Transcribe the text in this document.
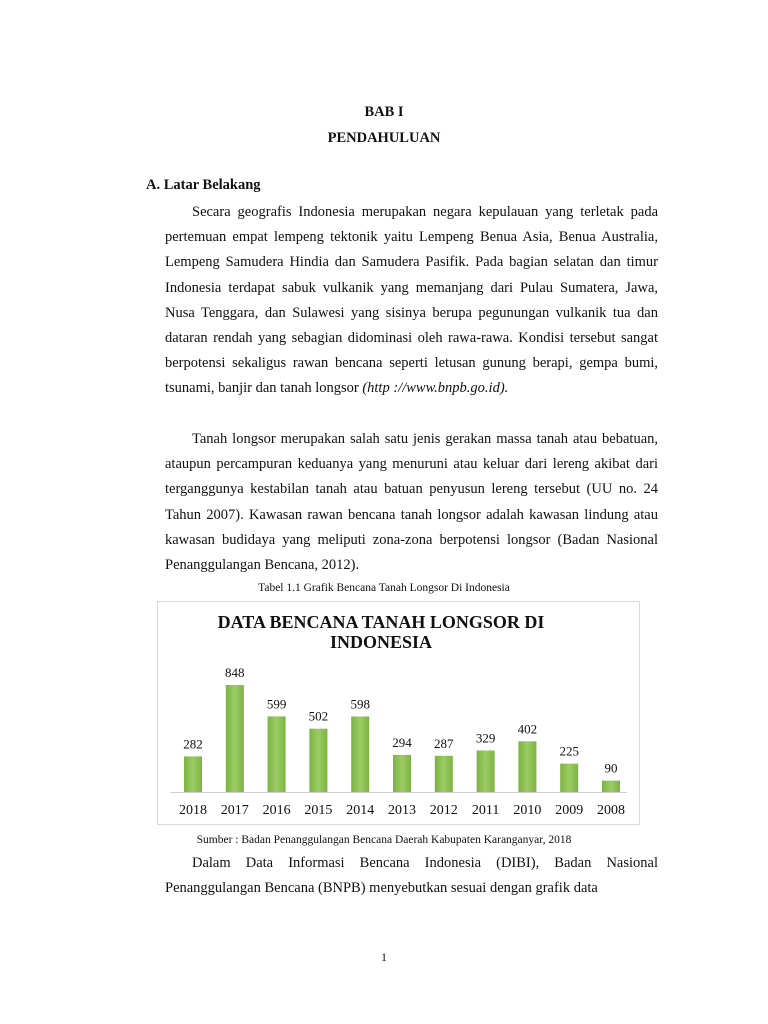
BAB I
PENDAHULUAN
A. Latar Belakang

Secara geografis Indonesia merupakan negara kepulauan yang terletak pada pertemuan empat lempeng tektonik yaitu Lempeng Benua Asia, Benua Australia, Lempeng Samudera Hindia dan Samudera Pasifik. Pada bagian selatan dan timur Indonesia terdapat sabuk vulkanik yang memanjang dari Pulau Sumatera, Jawa, Nusa Tenggara, dan Sulawesi yang sisinya berupa pegunungan vulkanik tua dan dataran rendah yang sebagian didominasi oleh rawa-rawa. Kondisi tersebut sangat berpotensi sekaligus rawan bencana seperti letusan gunung berapi, gempa bumi, tsunami, banjir dan tanah longsor (http ://www.bnpb.go.id).

Tanah longsor merupakan salah satu jenis gerakan massa tanah atau bebatuan, ataupun percampuran keduanya yang menuruni atau keluar dari lereng akibat dari terganggunya kestabilan tanah atau batuan penyusun lereng tersebut (UU no. 24 Tahun 2007). Kawasan rawan bencana tanah longsor adalah kawasan lindung atau kawasan budidaya yang meliputi zona-zona berpotensi longsor (Badan Nasional Penanggulangan Bencana, 2012).

Tabel 1.1 Grafik Bencana Tanah Longsor Di Indonesia
DATA BENCANA TANAH LONGSOR DI
INDONESIA
282
2018
848
2017
599
2016
502
2015
598
2014
294
2013
287
2012
329
2011
402
2010
225
2009
90
2008
Sumber : Badan Penanggulangan Bencana Daerah Kabupaten Karanganyar, 2018

Dalam Data Informasi Bencana Indonesia (DIBI), Badan Nasional Penanggulangan Bencana (BNPB) menyebutkan sesuai dengan grafik data

1
